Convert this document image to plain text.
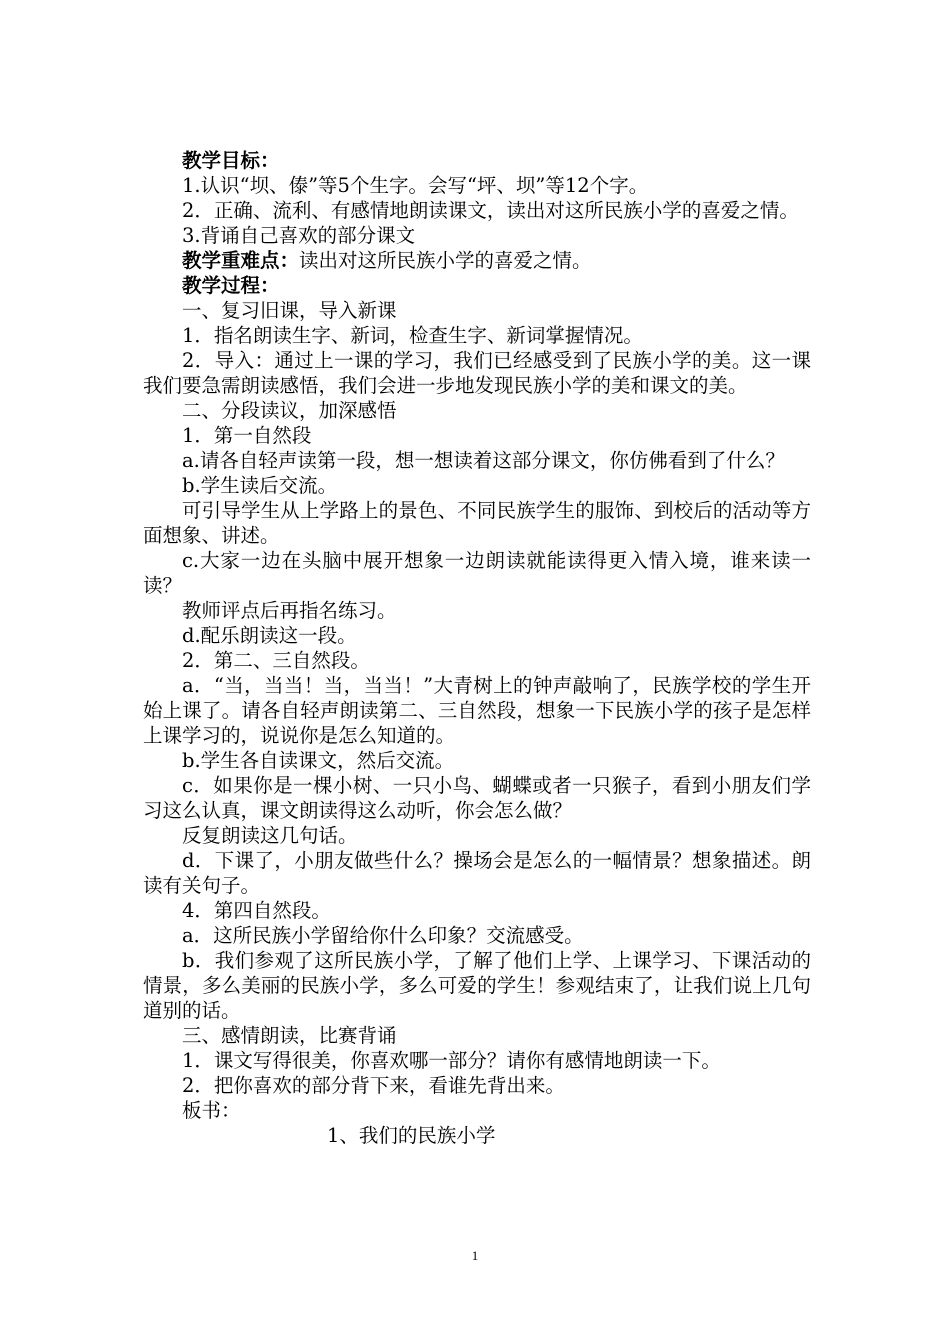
教学目标：

1.认识“坝、傣”等5个生字。会写“坪、坝”等12个字。

2．正确、流利、有感情地朗读课文，读出对这所民族小学的喜爱之情。

3.背诵自己喜欢的部分课文

教学重难点：读出对这所民族小学的喜爱之情。

教学过程：

一、复习旧课，导入新课

1．指名朗读生字、新词，检查生字、新词掌握情况。

2．导入：通过上一课的学习，我们已经感受到了民族小学的美。这一课我们要急需朗读感悟，我们会进一步地发现民族小学的美和课文的美。

二、分段读议，加深感悟

1．第一自然段

a.请各自轻声读第一段，想一想读着这部分课文，你仿佛看到了什么？

b.学生读后交流。

可引导学生从上学路上的景色、不同民族学生的服饰、到校后的活动等方面想象、讲述。

c.大家一边在头脑中展开想象一边朗读就能读得更入情入境，谁来读一读？

教师评点后再指名练习。

d.配乐朗读这一段。

2．第二、三自然段。

a．“当，当当！当，当当！”大青树上的钟声敲响了，民族学校的学生开始上课了。请各自轻声朗读第二、三自然段，想象一下民族小学的孩子是怎样上课学习的，说说你是怎么知道的。

b.学生各自读课文，然后交流。

c．如果你是一棵小树、一只小鸟、蝴蝶或者一只猴子，看到小朋友们学习这么认真，课文朗读得这么动听，你会怎么做？

反复朗读这几句话。

d．下课了，小朋友做些什么？操场会是怎么的一幅情景？想象描述。朗读有关句子。

4．第四自然段。

a．这所民族小学留给你什么印象？交流感受。

b．我们参观了这所民族小学，了解了他们上学、上课学习、下课活动的情景，多么美丽的民族小学，多么可爱的学生！参观结束了，让我们说上几句道别的话。

三、感情朗读，比赛背诵

1．课文写得很美，你喜欢哪一部分？请你有感情地朗读一下。

2．把你喜欢的部分背下来，看谁先背出来。

板书：

1、我们的民族小学

1
